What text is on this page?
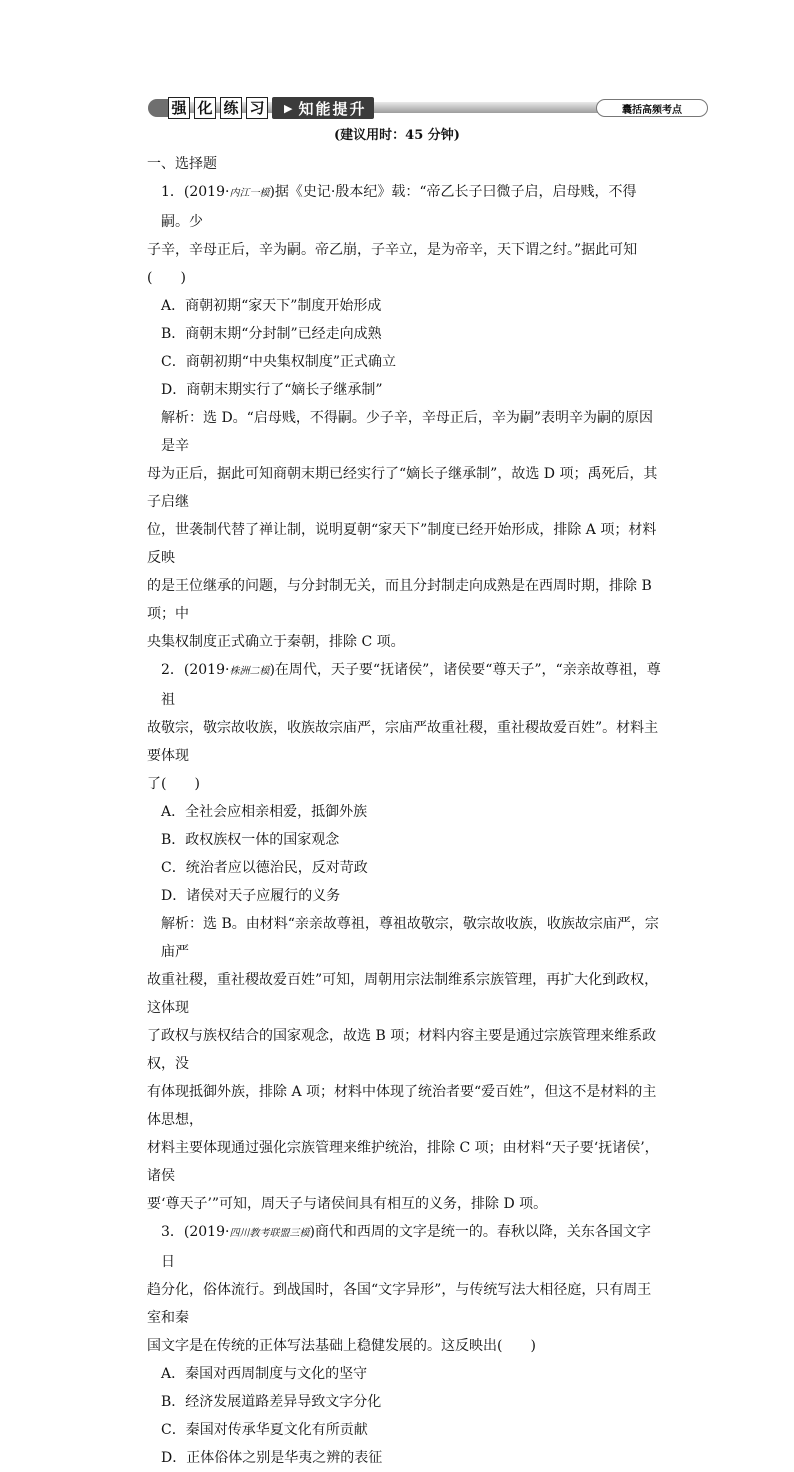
强 化 练 习	▶ 知能提升	囊括高频考点
(建议用时：45 分钟)

一、选择题

1．(2019·内江一模)据《史记·殷本纪》载：“帝乙长子曰微子启，启母贱，不得嗣。少

子辛，辛母正后，辛为嗣。帝乙崩，子辛立，是为帝辛，天下谓之纣。”据此可知(　　)

A．商朝初期“家天下”制度开始形成

B．商朝末期“分封制”已经走向成熟

C．商朝初期“中央集权制度”正式确立

D．商朝末期实行了“嫡长子继承制”

解析：选 D。“启母贱，不得嗣。少子辛，辛母正后，辛为嗣”表明辛为嗣的原因是辛

母为正后，据此可知商朝末期已经实行了“嫡长子继承制”，故选 D 项；禹死后，其子启继

位，世袭制代替了禅让制，说明夏朝“家天下”制度已经开始形成，排除 A 项；材料反映

的是王位继承的问题，与分封制无关，而且分封制走向成熟是在西周时期，排除 B 项；中

央集权制度正式确立于秦朝，排除 C 项。

2．(2019·株洲二模)在周代，天子要“抚诸侯”，诸侯要“尊天子”，“亲亲故尊祖，尊祖

故敬宗，敬宗故收族，收族故宗庙严，宗庙严故重社稷，重社稷故爱百姓”。材料主要体现

了(　　)

A．全社会应相亲相爱，抵御外族

B．政权族权一体的国家观念

C．统治者应以德治民，反对苛政

D．诸侯对天子应履行的义务

解析：选 B。由材料“亲亲故尊祖，尊祖故敬宗，敬宗故收族，收族故宗庙严，宗庙严

故重社稷，重社稷故爱百姓”可知，周朝用宗法制维系宗族管理，再扩大化到政权，这体现

了政权与族权结合的国家观念，故选 B 项；材料内容主要是通过宗族管理来维系政权，没

有体现抵御外族，排除 A 项；材料中体现了统治者要“爱百姓”，但这不是材料的主体思想，

材料主要体现通过强化宗族管理来维护统治，排除 C 项；由材料“天子要‘抚诸侯’，诸侯

要‘尊天子’”可知，周天子与诸侯间具有相互的义务，排除 D 项。

3．(2019·四川教考联盟三模)商代和西周的文字是统一的。春秋以降，关东各国文字日

趋分化，俗体流行。到战国时，各国“文字异形”，与传统写法大相径庭，只有周王室和秦

国文字是在传统的正体写法基础上稳健发展的。这反映出(　　)

A．秦国对西周制度与文化的坚守

B．经济发展道路差异导致文字分化

C．秦国对传承华夏文化有所贡献

D．正体俗体之别是华夷之辨的表征
